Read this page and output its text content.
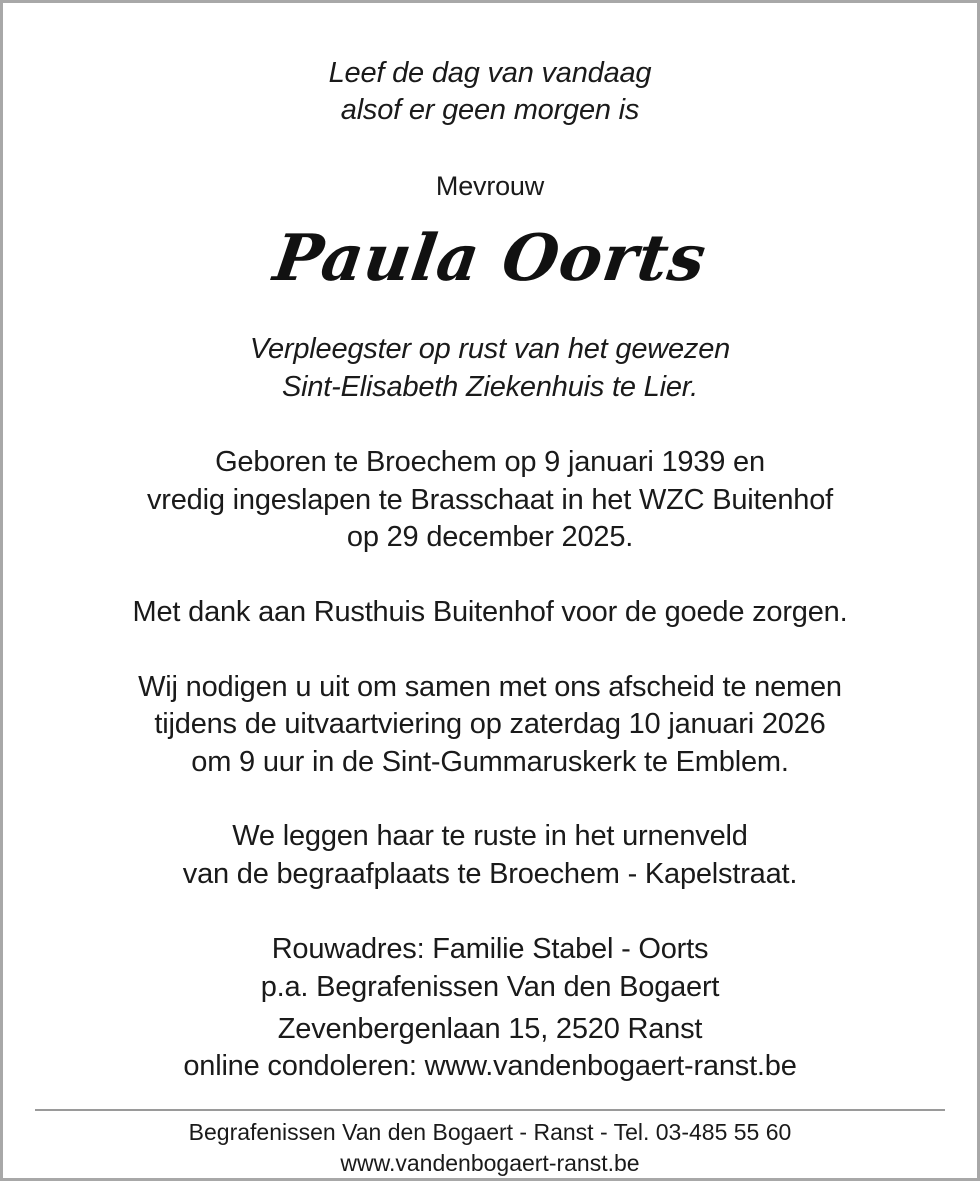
Leef de dag van vandaag
alsof er geen morgen is
Mevrouw
Paula Oorts
Verpleegster op rust van het gewezen
Sint-Elisabeth Ziekenhuis te Lier.
Geboren te Broechem op 9 januari 1939 en
vredig ingeslapen te Brasschaat in het WZC Buitenhof
op 29 december 2025.
Met dank aan Rusthuis Buitenhof voor de goede zorgen.
Wij nodigen u uit om samen met ons afscheid te nemen
tijdens de uitvaartviering op zaterdag 10 januari 2026
om 9 uur in de Sint-Gummaruskerk te Emblem.
We leggen haar te ruste in het urnenveld
van de begraafplaats te Broechem - Kapelstraat.
Rouwadres: Familie Stabel - Oorts
p.a. Begrafenissen Van den Bogaert
Zevenbergenlaan 15, 2520 Ranst
online condoleren: www.vandenbogaert-ranst.be
Begrafenissen Van den Bogaert - Ranst - Tel. 03-485 55 60
www.vandenbogaert-ranst.be
